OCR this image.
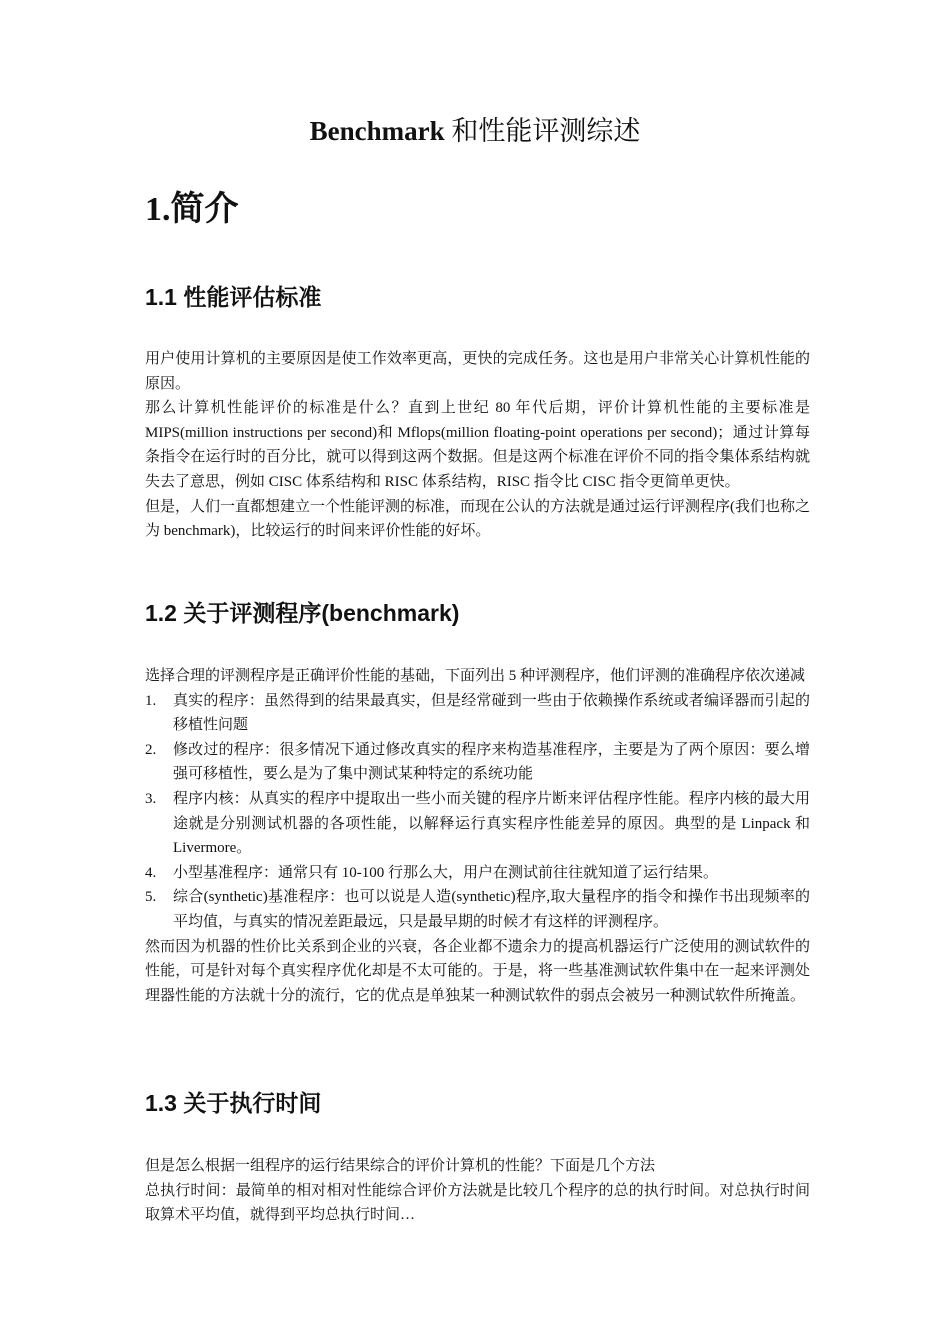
Benchmark 和性能评测综述
1.简介
1.1 性能评估标准

用户使用计算机的主要原因是使工作效率更高，更快的完成任务。这也是用户非常关心计算机性能的原因。

那么计算机性能评价的标准是什么？直到上世纪 80 年代后期，评价计算机性能的主要标准是 MIPS(million instructions per second)和 Mflops(million floating-point operations per second)；通过计算每条指令在运行时的百分比，就可以得到这两个数据。但是这两个标准在评价不同的指令集体系结构就失去了意思，例如 CISC 体系结构和 RISC 体系结构，RISC 指令比 CISC 指令更简单更快。

但是，人们一直都想建立一个性能评测的标准，而现在公认的方法就是通过运行评测程序(我们也称之为 benchmark)，比较运行的时间来评价性能的好坏。

1.2 关于评测程序(benchmark)

选择合理的评测程序是正确评价性能的基础，下面列出 5 种评测程序，他们评测的准确程序依次递减

1. 真实的程序：虽然得到的结果最真实，但是经常碰到一些由于依赖操作系统或者编译器而引起的移植性问题
2. 修改过的程序：很多情况下通过修改真实的程序来构造基准程序，主要是为了两个原因：要么增强可移植性，要么是为了集中测试某种特定的系统功能
3. 程序内核：从真实的程序中提取出一些小而关键的程序片断来评估程序性能。程序内核的最大用途就是分别测试机器的各项性能，以解释运行真实程序性能差异的原因。典型的是 Linpack 和 Livermore。
4. 小型基准程序：通常只有 10-100 行那么大，用户在测试前往往就知道了运行结果。
5. 综合(synthetic)基准程序：也可以说是人造(synthetic)程序,取大量程序的指令和操作书出现频率的平均值，与真实的情况差距最远，只是最早期的时候才有这样的评测程序。

然而因为机器的性价比关系到企业的兴衰，各企业都不遗余力的提高机器运行广泛使用的测试软件的性能，可是针对每个真实程序优化却是不太可能的。于是，将一些基准测试软件集中在一起来评测处理器性能的方法就十分的流行，它的优点是单独某一种测试软件的弱点会被另一种测试软件所掩盖。

1.3 关于执行时间

但是怎么根据一组程序的运行结果综合的评价计算机的性能？下面是几个方法

总执行时间：最简单的相对相对性能综合评价方法就是比较几个程序的总的执行时间。对总执行时间取算术平均值，就得到平均总执行时间…
